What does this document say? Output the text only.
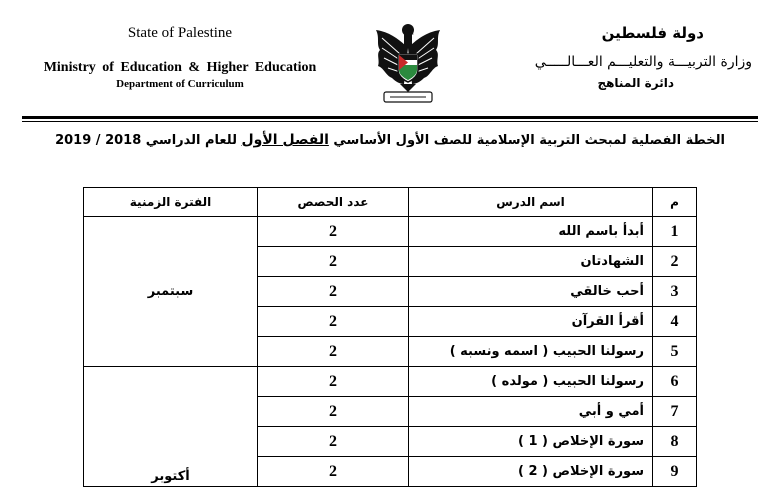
State of Palestine
Ministry of Education & Higher Education
Department of Curriculum
دولة فلسطين
وزارة التربيـــة والتعليـــم العـــالـــــي
دائرة المناهج
الخطة الفصلية لمبحث التربية الإسلامية للصف الأول الأساسي الفصل الأول للعام الدراسي 2018 / 2019
م	اسم الدرس	عدد الحصص	الفترة الزمنية
1	أبدأ باسم الله	2	سبتمبر
2	الشهادتان	2	
3	أحب خالقي	2	
4	أقرأ القرآن	2	
5	رسولنا الحبيب ( اسمه ونسبه )	2	
6	رسولنا الحبيب ( مولده )	2	أكتوبر
7	أمي و أبي	2	
8	سورة الإخلاص ( 1 )	2	
9	سورة الإخلاص ( 2 )	2	
